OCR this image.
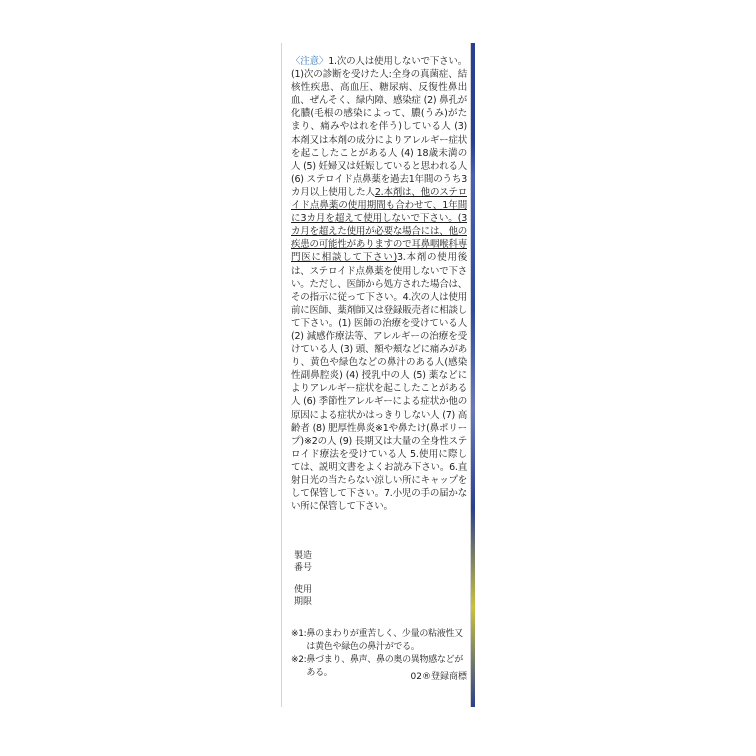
〈注意〉1.次の人は使用しないで下さい。(1)次の診断を受けた人:全身の真菌症、結核性疾患、高血圧、糖尿病、反復性鼻出血、ぜんそく、緑内障、感染症 (2) 鼻孔が化膿(毛根の感染によって、膿(うみ)がたまり、痛みやはれを伴う)している人 (3) 本剤又は本剤の成分によりアレルギー症状を起こしたことがある人 (4) 18歳未満の人 (5) 妊婦又は妊娠していると思われる人 (6) ステロイド点鼻薬を過去1年間のうち3カ月以上使用した人2.本剤は、他のステロイド点鼻薬の使用期間も合わせて、1年間に3カ月を超えて使用しないで下さい。(3カ月を超えた使用が必要な場合には、他の疾患の可能性がありますので耳鼻咽喉科専門医に相談して下さい)3.本剤の使用後は、ステロイド点鼻薬を使用しないで下さい。ただし、医師から処方された場合は、その指示に従って下さい。4.次の人は使用前に医師、薬剤師又は登録販売者に相談して下さい。(1) 医師の治療を受けている人 (2) 減感作療法等、アレルギーの治療を受けている人 (3) 頭、額や頬などに痛みがあり、黄色や緑色などの鼻汁のある人(感染性副鼻腔炎) (4) 授乳中の人 (5) 薬などによりアレルギー症状を起こしたことがある人 (6) 季節性アレルギーによる症状か他の原因による症状かはっきりしない人 (7) 高齢者 (8) 肥厚性鼻炎※1や鼻たけ(鼻ポリープ)※2の人 (9) 長期又は大量の全身性ステロイド療法を受けている人 5.使用に際しては、説明文書をよくお読み下さい。6.直射日光の当たらない涼しい所にキャップをして保管して下さい。7.小児の手の届かない所に保管して下さい。
製造番号
使用期限
※1: 鼻のまわりが重苦しく、少量の粘液性又は黄色や緑色の鼻汁がでる。
※2: 鼻づまり、鼻声、鼻の奥の異物感などがある。	02®登録商標
